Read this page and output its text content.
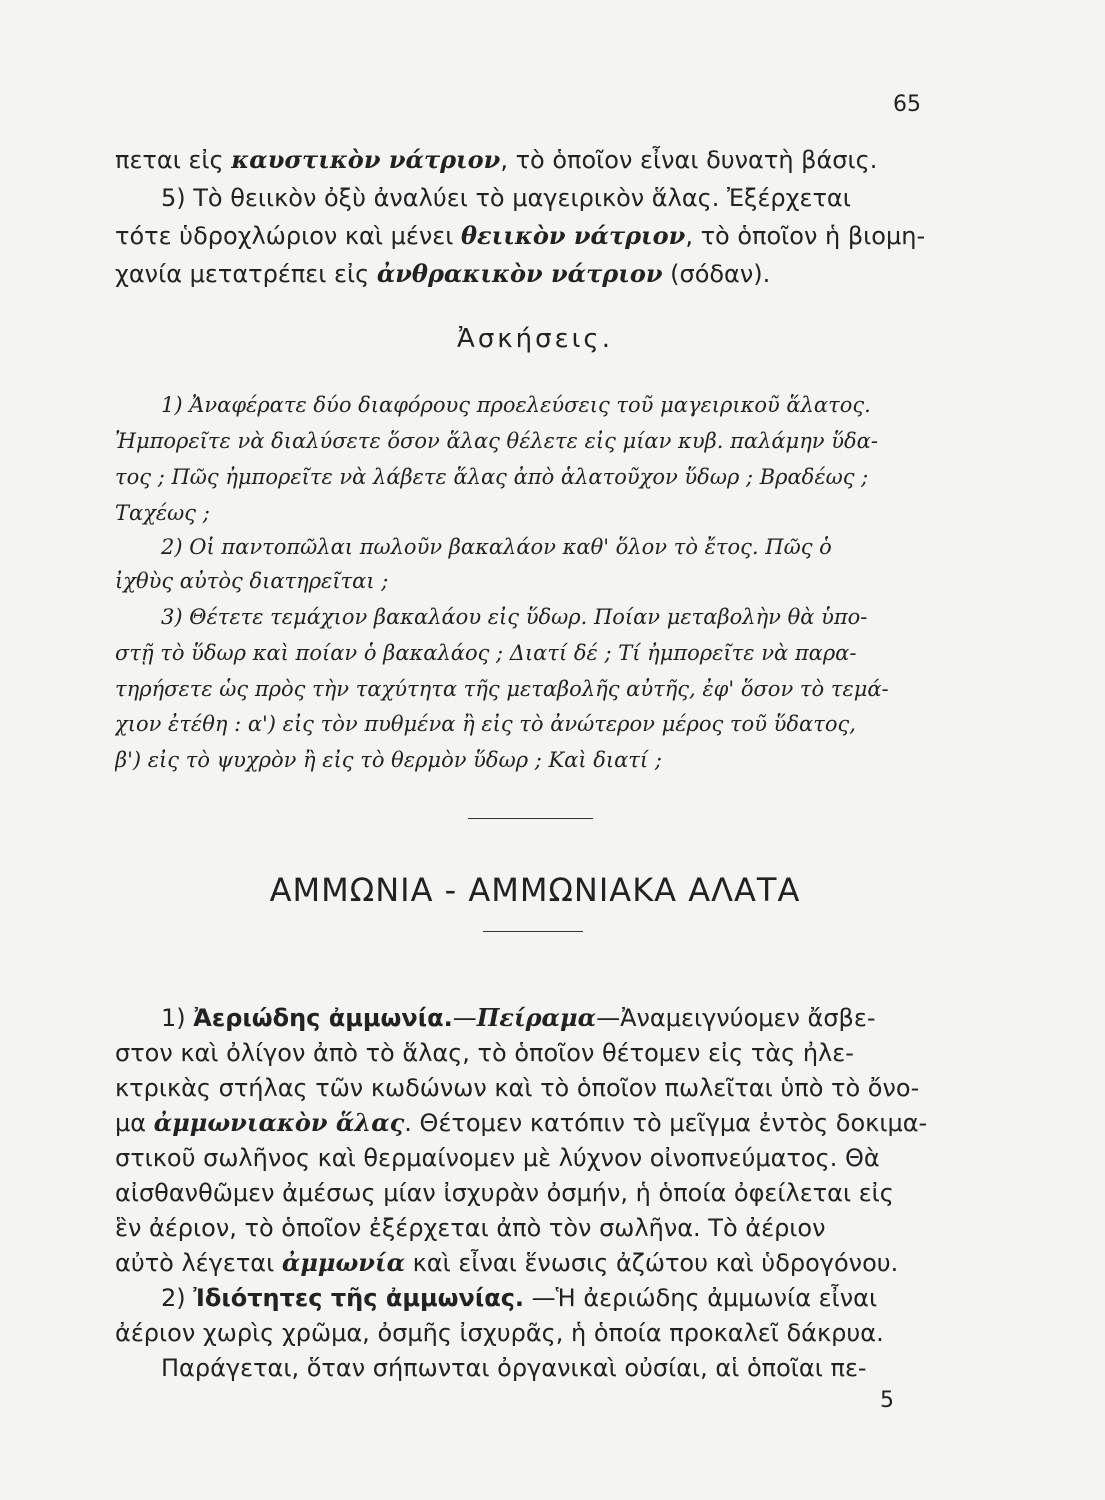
65
πεται εἰς καυστικὸν νάτριον, τὸ ὁποῖον εἶναι δυνατὴ βάσις.
5) Τὸ θειικὸν ὀξὺ ἀναλύει τὸ μαγειρικὸν ἅλας. Ἐξέρχεται
τότε ὑδροχλώριον καὶ μένει θειικὸν νάτριον, τὸ ὁποῖον ἡ βιομη-
χανία μετατρέπει εἰς ἀνθρακικὸν νάτριον (σόδαν).
Ἀσκήσεις.
1) Ἀναφέρατε δύο διαφόρους προελεύσεις τοῦ μαγειρικοῦ ἅλατος.
Ἠμπορεῖτε νὰ διαλύσετε ὅσον ἅλας θέλετε εἰς μίαν κυβ. παλάμην ὕδα-
τος ; Πῶς ἠμπορεῖτε νὰ λάβετε ἅλας ἀπὸ ἁλατοῦχον ὕδωρ ; Βραδέως ;
Ταχέως ;
2) Οἱ παντοπῶλαι πωλοῦν βακαλάον καθ' ὅλον τὸ ἔτος. Πῶς ὁ
ἰχθὺς αὐτὸς διατηρεῖται ;
3) Θέτετε τεμάχιον βακαλάου εἰς ὕδωρ. Ποίαν μεταβολὴν θὰ ὑπο-
στῇ τὸ ὕδωρ καὶ ποίαν ὁ βακαλάος ; Διατί δέ ; Τί ἠμπορεῖτε νὰ παρα-
τηρήσετε ὡς πρὸς τὴν ταχύτητα τῆς μεταβολῆς αὐτῆς, ἐφ' ὅσον τὸ τεμά-
χιον ἐτέθη : α') εἰς τὸν πυθμένα ἢ εἰς τὸ ἀνώτερον μέρος τοῦ ὕδατος,
β') εἰς τὸ ψυχρὸν ἢ εἰς τὸ θερμὸν ὕδωρ ; Καὶ διατί ;
ΑΜΜΩΝΙΑ - ΑΜΜΩΝΙΑΚΑ ΑΛΑΤΑ
1) Ἀεριώδης ἀμμωνία.—Πείραμα—Ἀναμειγνύομεν ἄσβε-
στον καὶ ὀλίγον ἀπὸ τὸ ἅλας, τὸ ὁποῖον θέτομεν εἰς τὰς ἠλε-
κτρικὰς στήλας τῶν κωδώνων καὶ τὸ ὁποῖον πωλεῖται ὑπὸ τὸ ὄνο-
μα ἀμμωνιακὸν ἅλας. Θέτομεν κατόπιν τὸ μεῖγμα ἐντὸς δοκιμα-
στικοῦ σωλῆνος καὶ θερμαίνομεν μὲ λύχνον οἰνοπνεύματος. Θὰ
αἰσθανθῶμεν ἀμέσως μίαν ἰσχυρὰν ὀσμήν, ἡ ὁποία ὀφείλεται εἰς
ἓν ἀέριον, τὸ ὁποῖον ἐξέρχεται ἀπὸ τὸν σωλῆνα. Τὸ ἀέριον
αὐτὸ λέγεται ἀμμωνία καὶ εἶναι ἕνωσις ἀζώτου καὶ ὑδρογόνου.
2) Ἰδιότητες τῆς ἀμμωνίας. —Ἡ ἀεριώδης ἀμμωνία εἶναι
ἀέριον χωρὶς χρῶμα, ὀσμῆς ἰσχυρᾶς, ἡ ὁποία προκαλεῖ δάκρυα.
Παράγεται, ὅταν σήπωνται ὀργανικαὶ οὐσίαι, αἱ ὁποῖαι πε-
5
